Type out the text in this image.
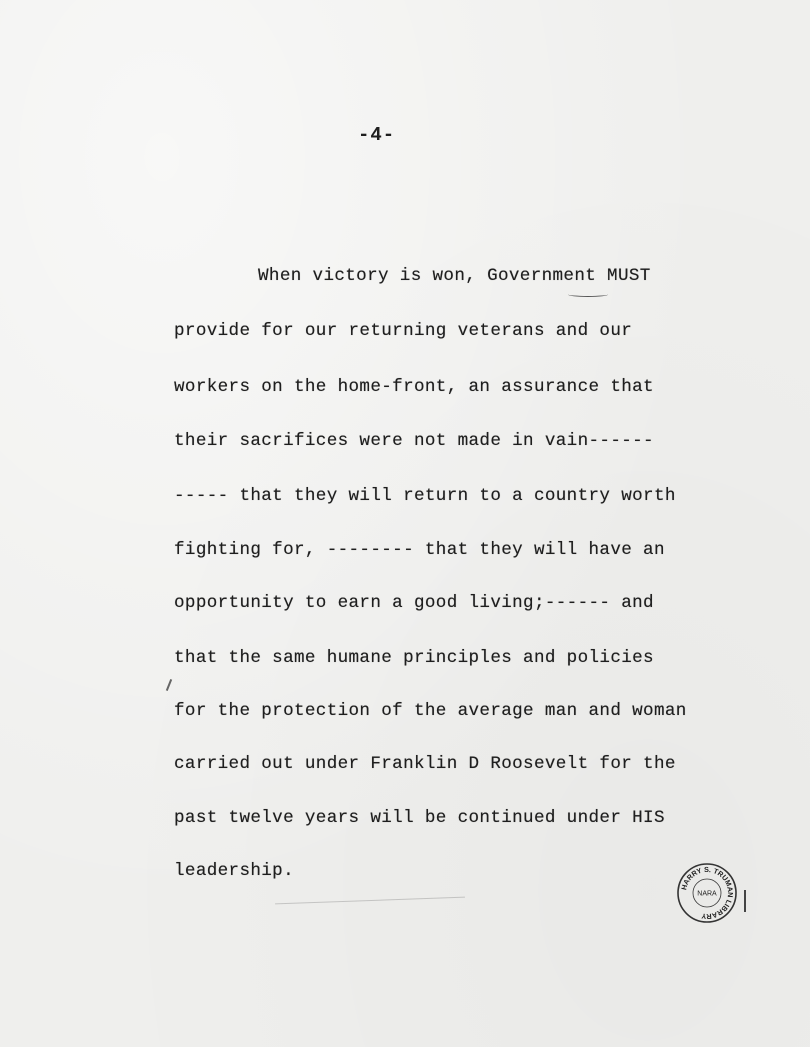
-4-
When victory is won, Government MUST
provide for our returning veterans and our
workers on the home-front, an assurance that
their sacrifices were not made in vain------
----- that they will return to a country worth
fighting for, -------- that they will have an
opportunity to earn a good living;------ and
that the same humane principles and policies
for the protection of the average man and woman
carried out under Franklin D Roosevelt for the
past twelve years will be continued under HIS
leadership.
HARRY S. TRUMAN LIBRARY
NARA
